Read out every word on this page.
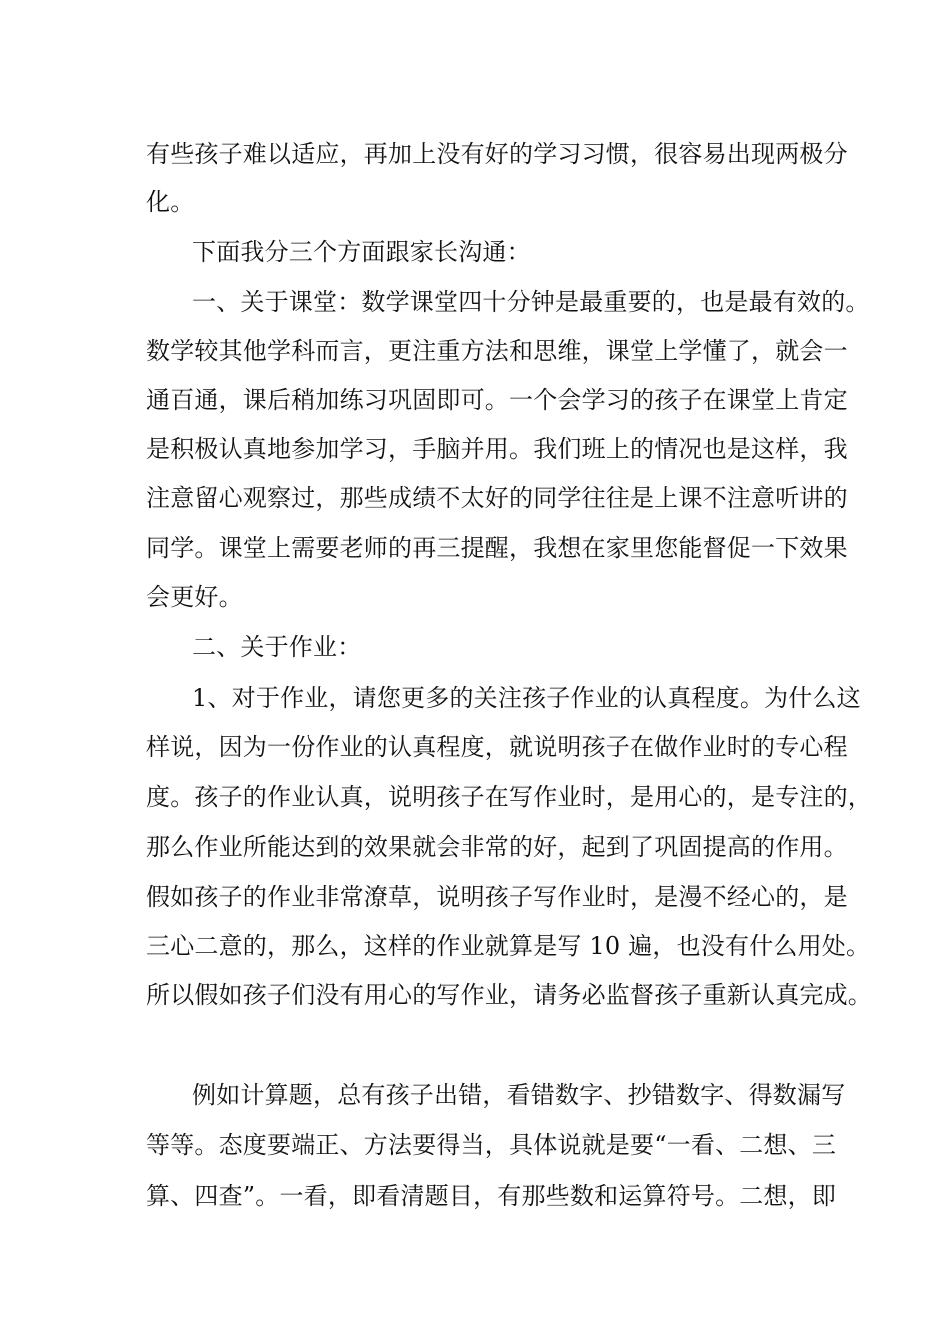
有些孩子难以适应，再加上没有好的学习习惯，很容易出现两极分
化。
下面我分三个方面跟家长沟通：
一、关于课堂：数学课堂四十分钟是最重要的，也是最有效的。
数学较其他学科而言，更注重方法和思维，课堂上学懂了，就会一
通百通，课后稍加练习巩固即可。一个会学习的孩子在课堂上肯定
是积极认真地参加学习，手脑并用。我们班上的情况也是这样，我
注意留心观察过，那些成绩不太好的同学往往是上课不注意听讲的
同学。课堂上需要老师的再三提醒，我想在家里您能督促一下效果
会更好。
二、关于作业：
1、对于作业，请您更多的关注孩子作业的认真程度。为什么这
样说，因为一份作业的认真程度，就说明孩子在做作业时的专心程
度。孩子的作业认真，说明孩子在写作业时，是用心的，是专注的，
那么作业所能达到的效果就会非常的好，起到了巩固提高的作用。
假如孩子的作业非常潦草，说明孩子写作业时，是漫不经心的，是
三心二意的，那么，这样的作业就算是写 10 遍，也没有什么用处。
所以假如孩子们没有用心的写作业，请务必监督孩子重新认真完成。
例如计算题，总有孩子出错，看错数字、抄错数字、得数漏写
等等。态度要端正、方法要得当，具体说就是要“一看、二想、三
算、四查”。一看，即看清题目，有那些数和运算符号。二想，即
